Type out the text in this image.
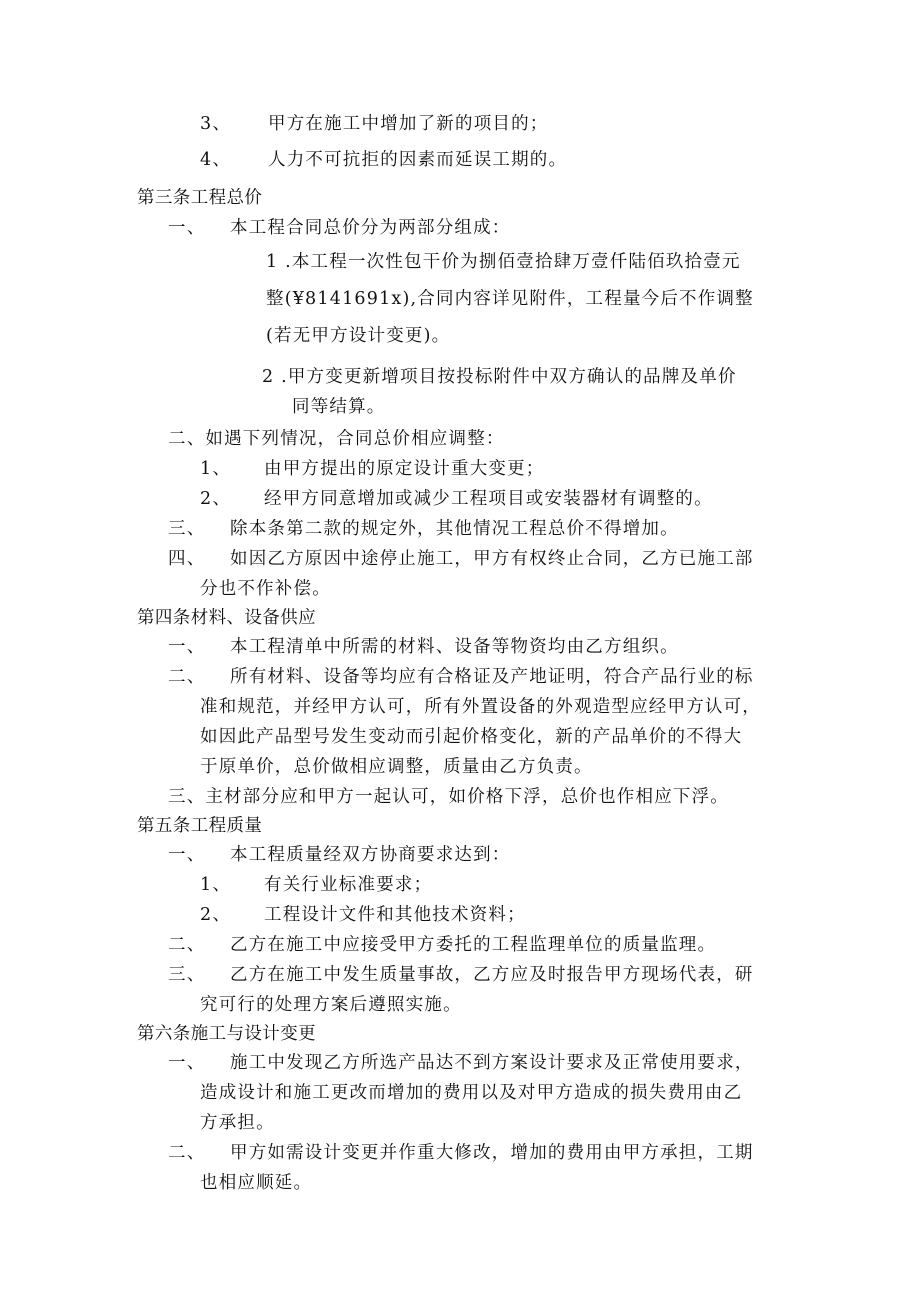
3、 甲方在施工中增加了新的项目的；
4、 人力不可抗拒的因素而延误工期的。
第三条工程总价
一、 本工程合同总价分为两部分组成：
1 .本工程一次性包干价为捌佰壹拾肆万壹仟陆佰玖拾壹元
整(¥8141691x),合同内容详见附件，工程量今后不作调整
(若无甲方设计变更)。
2 .甲方变更新增项目按投标附件中双方确认的品牌及单价
同等结算。
二、如遇下列情况，合同总价相应调整：
1、 由甲方提出的原定设计重大变更；
2、 经甲方同意增加或减少工程项目或安装器材有调整的。
三、 除本条第二款的规定外，其他情况工程总价不得增加。
四、 如因乙方原因中途停止施工，甲方有权终止合同，乙方已施工部
分也不作补偿。
第四条材料、设备供应
一、 本工程清单中所需的材料、设备等物资均由乙方组织。
二、 所有材料、设备等均应有合格证及产地证明，符合产品行业的标
准和规范，并经甲方认可，所有外置设备的外观造型应经甲方认可，
如因此产品型号发生变动而引起价格变化，新的产品单价的不得大
于原单价，总价做相应调整，质量由乙方负责。
三、主材部分应和甲方一起认可，如价格下浮，总价也作相应下浮。
第五条工程质量
一、 本工程质量经双方协商要求达到：
1、 有关行业标准要求；
2、 工程设计文件和其他技术资料；
二、 乙方在施工中应接受甲方委托的工程监理单位的质量监理。
三、 乙方在施工中发生质量事故，乙方应及时报告甲方现场代表，研
究可行的处理方案后遵照实施。
第六条施工与设计变更
一、 施工中发现乙方所选产品达不到方案设计要求及正常使用要求，
造成设计和施工更改而增加的费用以及对甲方造成的损失费用由乙
方承担。
二、 甲方如需设计变更并作重大修改，增加的费用由甲方承担，工期
也相应顺延。
